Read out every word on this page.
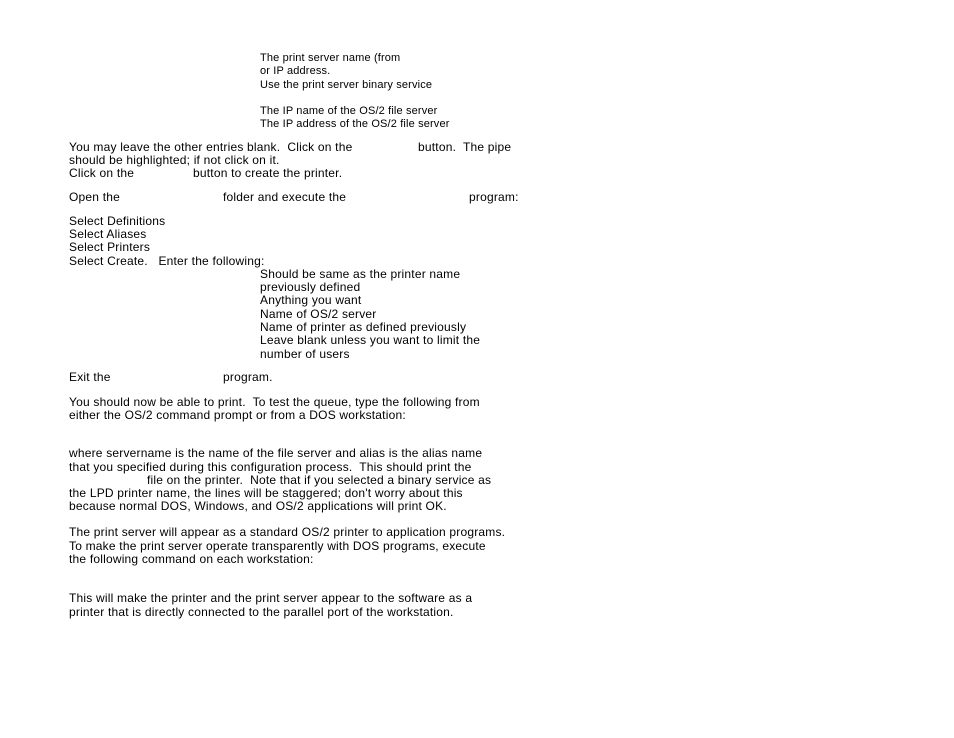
The print server name (from
or IP address.
Use the print server binary service
The IP name of the OS/2 file server
The IP address of the OS/2 file server
You may leave the other entries blank.  Click on the	button.  The pipe
should be highlighted; if not click on it.
Click on the	button to create the printer.
Open the	folder and execute the	program:
Select Definitions
Select Aliases
Select Printers
Select Create.   Enter the following:
Should be same as the printer name
previously defined
Anything you want
Name of OS/2 server
Name of printer as defined previously
Leave blank unless you want to limit the
number of users
Exit the	program.
You should now be able to print.  To test the queue, type the following from
either the OS/2 command prompt or from a DOS workstation:
where servername is the name of the file server and alias is the alias name
that you specified during this configuration process.  This should print the
file on the printer.  Note that if you selected a binary service as
the LPD printer name, the lines will be staggered; don't worry about this
because normal DOS, Windows, and OS/2 applications will print OK.
The print server will appear as a standard OS/2 printer to application programs.
To make the print server operate transparently with DOS programs, execute
the following command on each workstation:
This will make the printer and the print server appear to the software as a
printer that is directly connected to the parallel port of the workstation.
